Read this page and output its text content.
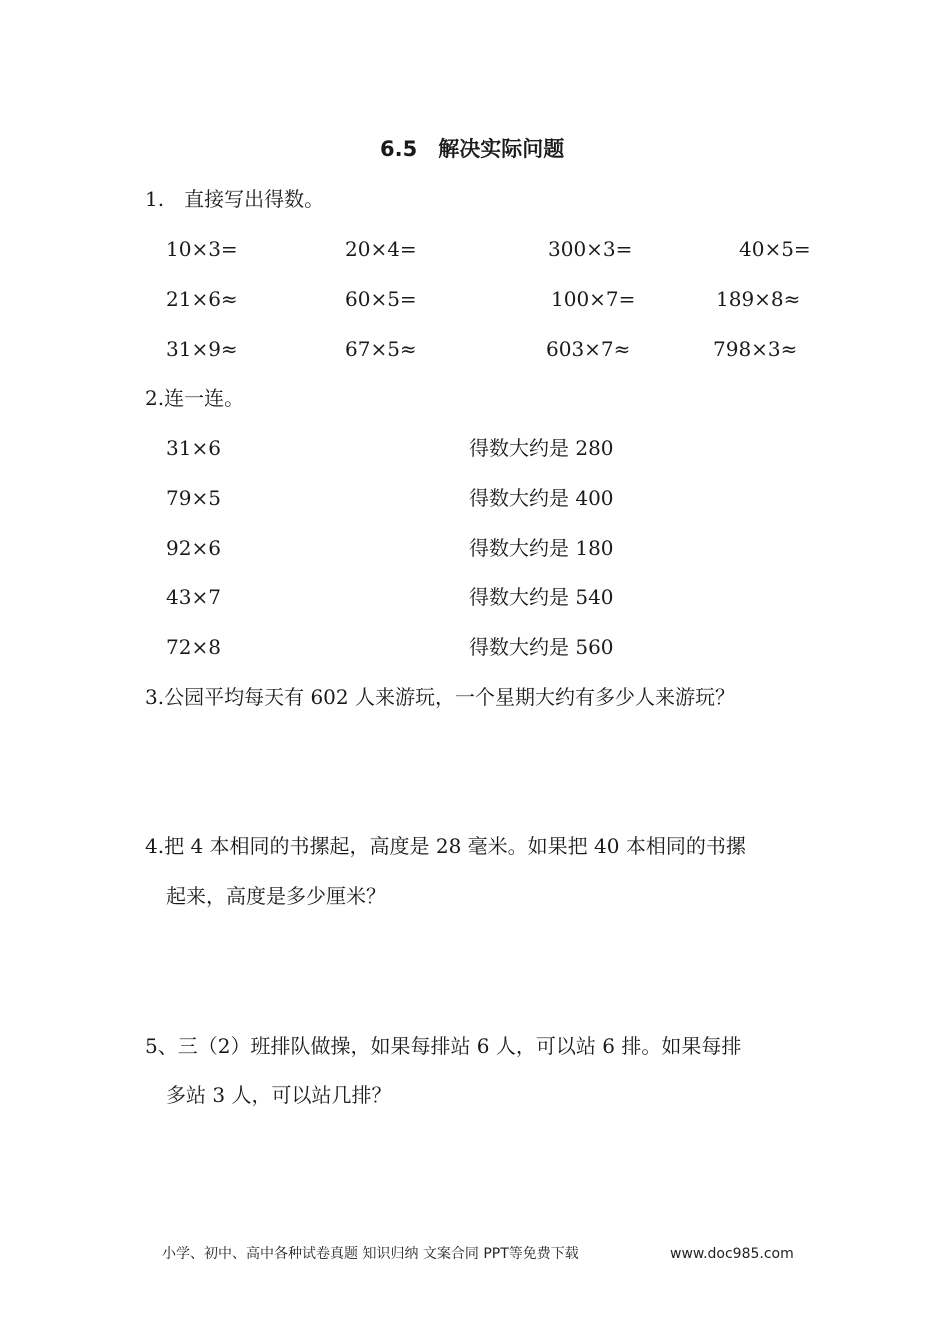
6.5　解决实际问题
1.　直接写出得数。
10×3=	20×4=	300×3=	40×5=
21×6≈	60×5=	100×7=	189×8≈
31×9≈	67×5≈	603×7≈	798×3≈
2.连一连。
31×6	得数大约是 280
79×5	得数大约是 400
92×6	得数大约是 180
43×7	得数大约是 540
72×8	得数大约是 560
3.公园平均每天有 602 人来游玩，一个星期大约有多少人来游玩？
4.把 4 本相同的书摞起，高度是 28 毫米。如果把 40 本相同的书摞
起来，高度是多少厘米？
5、三（2）班排队做操，如果每排站 6 人，可以站 6 排。如果每排
多站 3 人，可以站几排？
小学、初中、高中各种试卷真题 知识归纳 文案合同 PPT等免费下载	www.doc985.com
